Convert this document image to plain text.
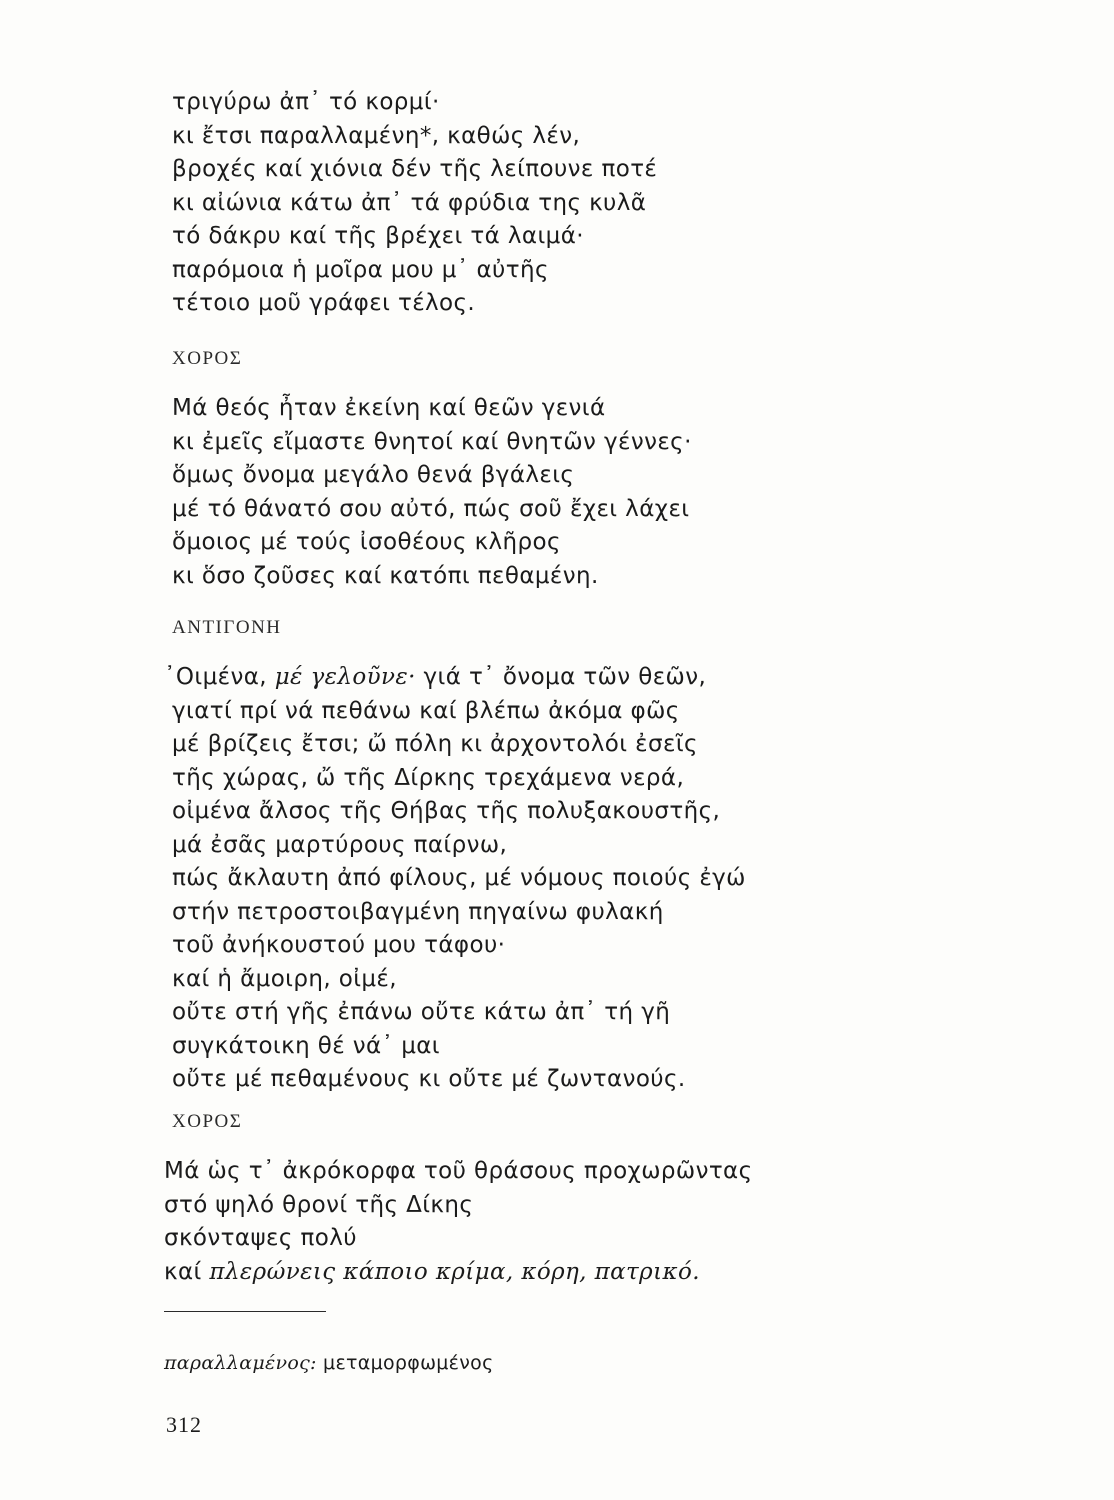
τριγύρω ἀπ᾿ τό κορμί·
κι ἔτσι παραλλαμένη*, καθώς λέν,
βροχές καί χιόνια δέν τῆς λείπουνε ποτέ
κι αἰώνια κάτω ἀπ᾿ τά φρύδια της κυλᾶ
τό δάκρυ καί τῆς βρέχει τά λαιμά·
παρόμοια ἡ μοῖρα μου μ᾿ αὐτῆς
τέτοιο μοῦ γράφει τέλος.
ΧΟΡΟΣ
Μά θεός ἦταν ἐκείνη καί θεῶν γενιά
κι ἐμεῖς εἴμαστε θνητοί καί θνητῶν γέννες·
ὅμως ὄνομα μεγάλο θενά βγάλεις
μέ τό θάνατό σου αὐτό, πώς σοῦ ἔχει λάχει
ὅμοιος μέ τούς ἰσοθέους κλῆρος
κι ὅσο ζοῦσες καί κατόπι πεθαμένη.
ΑΝΤΙΓΟΝΗ
᾿Οιμένα, μέ γελοῦνε· γιά τ᾿ ὄνομα τῶν θεῶν,
γιατί πρί νά πεθάνω καί βλέπω ἀκόμα φῶς
μέ βρίζεις ἔτσι; ὤ πόλη κι ἀρχοντολόι ἐσεῖς
τῆς χώρας, ὤ τῆς Δίρκης τρεχάμενα νερά,
οἰμένα ἄλσος τῆς Θήβας τῆς πολυξακουστῆς,
μά ἐσᾶς μαρτύρους παίρνω,
πώς ἄκλαυτη ἀπό φίλους, μέ νόμους ποιούς ἐγώ
στήν πετροστοιβαγμένη πηγαίνω φυλακή
τοῦ ἀνήκουστού μου τάφου·
καί ἡ ἄμοιρη, οἰμέ,
οὔτε στή γῆς ἐπάνω οὔτε κάτω ἀπ᾿ τή γῆ
συγκάτοικη θέ νά᾿ μαι
οὔτε μέ πεθαμένους κι οὔτε μέ ζωντανούς.
ΧΟΡΟΣ
Μά ὡς τ᾿ ἀκρόκορφα τοῦ θράσους προχωρῶντας
στό ψηλό θρονί τῆς Δίκης
σκόνταψες πολύ
καί πλερώνεις κάποιο κρίμα, κόρη, πατρικό.
παραλλαμένος: μεταμορφωμένος
312
